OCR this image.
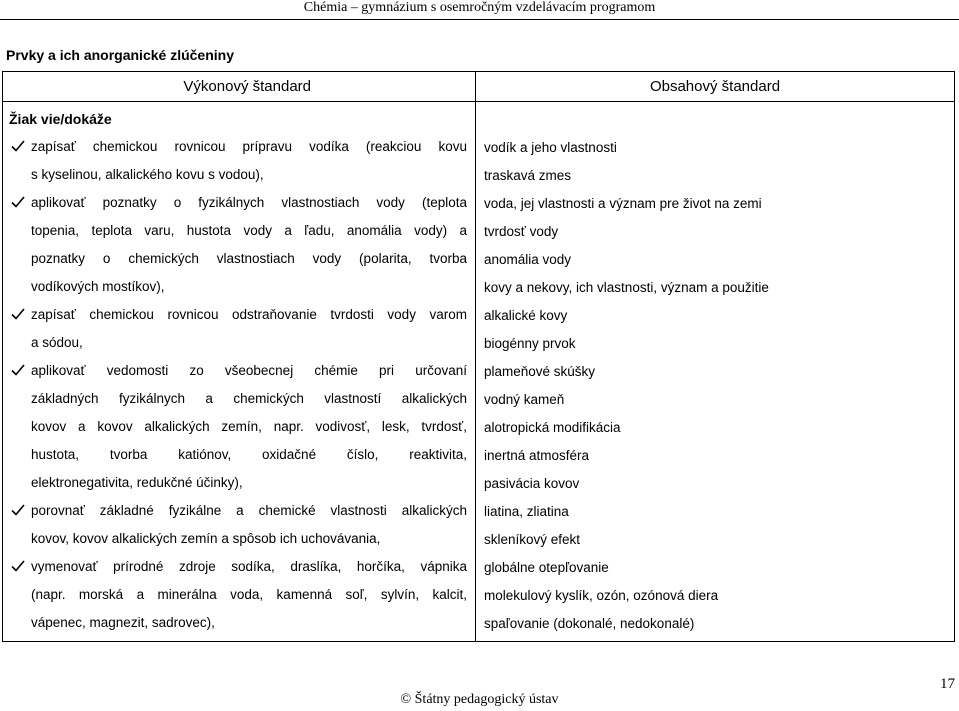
Chémia – gymnázium s osemročným vzdelávacím programom
Prvky a ich anorganické zlúčeniny
Výkonový štandard	Obsahový štandard
Žiak vie/dokáže
zapísať chemickou rovnicou prípravu vodíka (reakciou kovu
s kyselinou, alkalického kovu s vodou),
aplikovať poznatky o fyzikálnych vlastnostiach vody (teplota
topenia, teplota varu, hustota vody a ľadu, anomália vody) a
poznatky o chemických vlastnostiach vody (polarita, tvorba
vodíkových mostíkov),
zapísať chemickou rovnicou odstraňovanie tvrdosti vody varom
a sódou,
aplikovať vedomosti zo všeobecnej chémie pri určovaní
základných fyzikálnych a chemických vlastností alkalických
kovov a kovov alkalických zemín, napr. vodivosť, lesk, tvrdosť,
hustota, tvorba katiónov, oxidačné číslo, reaktivita,
elektronegativita, redukčné účinky),
porovnať základné fyzikálne a chemické vlastnosti alkalických
kovov, kovov alkalických zemín a spôsob ich uchovávania,
vymenovať prírodné zdroje sodíka, draslíka, horčíka, vápnika
(napr. morská a minerálna voda, kamenná soľ, sylvín, kalcit,
vápenec, magnezit, sadrovec),
vodík a jeho vlastnosti
traskavá zmes
voda, jej vlastnosti a význam pre život na zemi
tvrdosť vody
anomália vody
kovy a nekovy, ich vlastnosti, význam a použitie
alkalické kovy
biogénny prvok
plameňové skúšky
vodný kameň
alotropická modifikácia
inertná atmosféra
pasivácia kovov
liatina, zliatina
skleníkový efekt
globálne otepľovanie
molekulový kyslík, ozón, ozónová diera
spaľovanie (dokonalé, nedokonalé)
17
© Štátny pedagogický ústav
